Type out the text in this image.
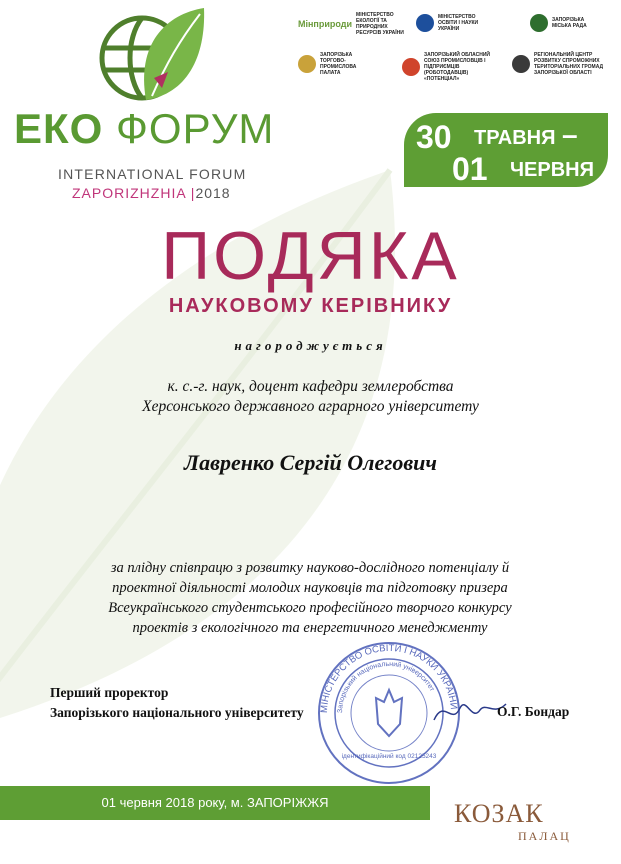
ЕКО ФОРУМ
INTERNATIONAL FORUM
ZAPORIZHZHIA |2018
Мінприроди
МІНІСТЕРСТВО ЕКОЛОГІЇ ТА ПРИРОДНИХ РЕСУРСІВ УКРАЇНИ
МІНІСТЕРСТВО ОСВІТИ І НАУКИ УКРАЇНИ
ЗАПОРІЗЬКА МІСЬКА РАДА
ЗАПОРІЗЬКА ТОРГОВО-ПРОМИСЛОВА ПАЛАТА
ЗАПОРІЗЬКИЙ ОБЛАСНИЙ СОЮЗ ПРОМИСЛОВЦІВ І ПІДПРИЄМЦІВ (РОБОТОДАВЦІВ) «ПОТЕНЦІАЛ»
РЕГІОНАЛЬНИЙ ЦЕНТР РОЗВИТКУ СПРОМОЖНИХ ТЕРИТОРІАЛЬНИХ ГРОМАД ЗАПОРІЗЬКОЇ ОБЛАСТІ
30 ТРАВНЯ –
01 ЧЕРВНЯ
ПОДЯКА
НАУКОВОМУ КЕРІВНИКУ
нагороджується
к. с.-г. наук, доцент кафедри землеробства
Херсонського державного аграрного університету
Лавренко Сергій Олегович
за плідну співпрацю з розвитку науково-дослідного потенціалу й
проектної діяльності молодих науковців та підготовку призера
Всеукраїнського студентського професійного творчого конкурсу
проектів з екологічного та енергетичного менеджменту
МІНІСТЕРСТВО ОСВІТИ І НАУКИ УКРАЇНИ
Запорізький національний університет
ідентифікаційний код 02125243
Перший проректор
Запорізького національного університету	О.Г. Бондар
01 червня 2018 року, м. ЗАПОРІЖЖЯ	КОЗАК
ПАЛАЦ
